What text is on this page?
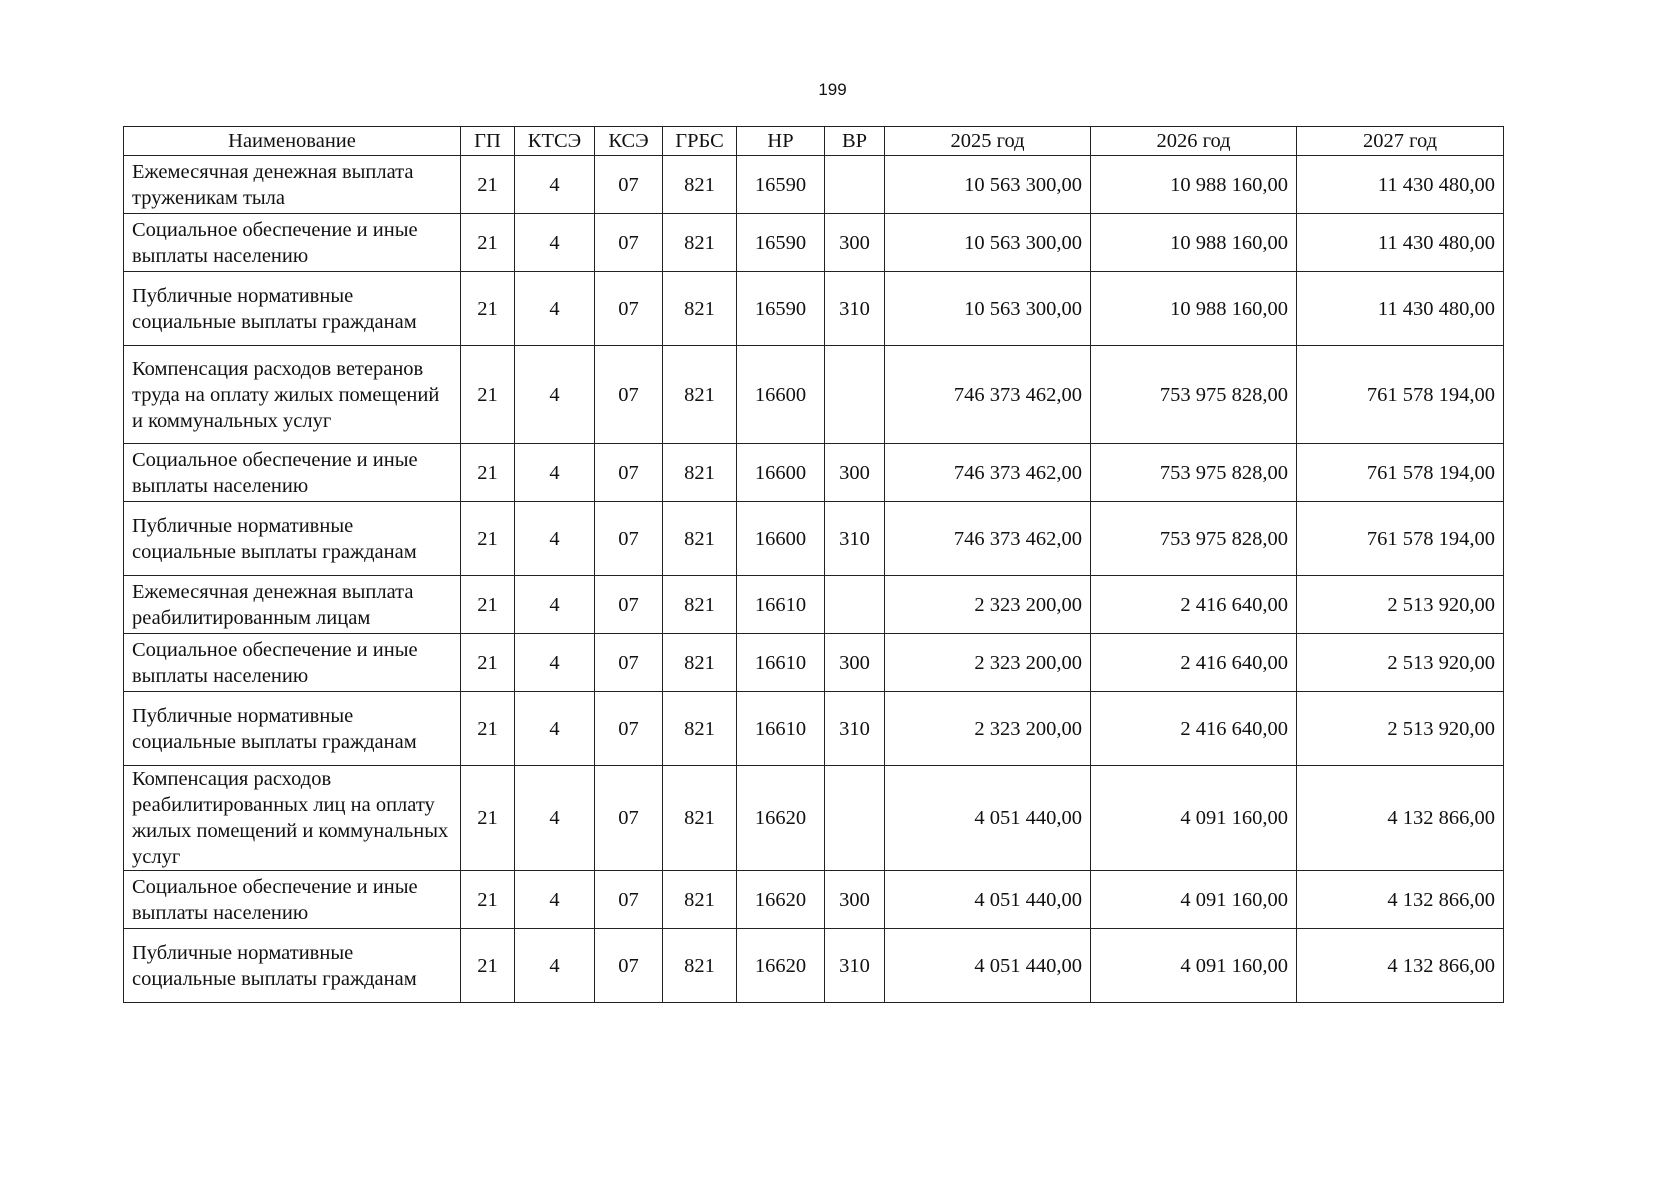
199
Наименование	ГП	КТСЭ	КСЭ	ГРБС	НР	ВР	2025 год	2026 год	2027 год
Ежемесячная денежная выплата труженикам тыла	21	4	07	821	16590		10 563 300,00	10 988 160,00	11 430 480,00
Социальное обеспечение и иные выплаты населению	21	4	07	821	16590	300	10 563 300,00	10 988 160,00	11 430 480,00
Публичные нормативные социальные выплаты гражданам	21	4	07	821	16590	310	10 563 300,00	10 988 160,00	11 430 480,00
Компенсация расходов ветеранов труда на оплату жилых помещений и коммунальных услуг	21	4	07	821	16600		746 373 462,00	753 975 828,00	761 578 194,00
Социальное обеспечение и иные выплаты населению	21	4	07	821	16600	300	746 373 462,00	753 975 828,00	761 578 194,00
Публичные нормативные социальные выплаты гражданам	21	4	07	821	16600	310	746 373 462,00	753 975 828,00	761 578 194,00
Ежемесячная денежная выплата реабилитированным лицам	21	4	07	821	16610		2 323 200,00	2 416 640,00	2 513 920,00
Социальное обеспечение и иные выплаты населению	21	4	07	821	16610	300	2 323 200,00	2 416 640,00	2 513 920,00
Публичные нормативные социальные выплаты гражданам	21	4	07	821	16610	310	2 323 200,00	2 416 640,00	2 513 920,00
Компенсация расходов реабилитированных лиц на оплату жилых помещений и коммунальных услуг	21	4	07	821	16620		4 051 440,00	4 091 160,00	4 132 866,00
Социальное обеспечение и иные выплаты населению	21	4	07	821	16620	300	4 051 440,00	4 091 160,00	4 132 866,00
Публичные нормативные социальные выплаты гражданам	21	4	07	821	16620	310	4 051 440,00	4 091 160,00	4 132 866,00
